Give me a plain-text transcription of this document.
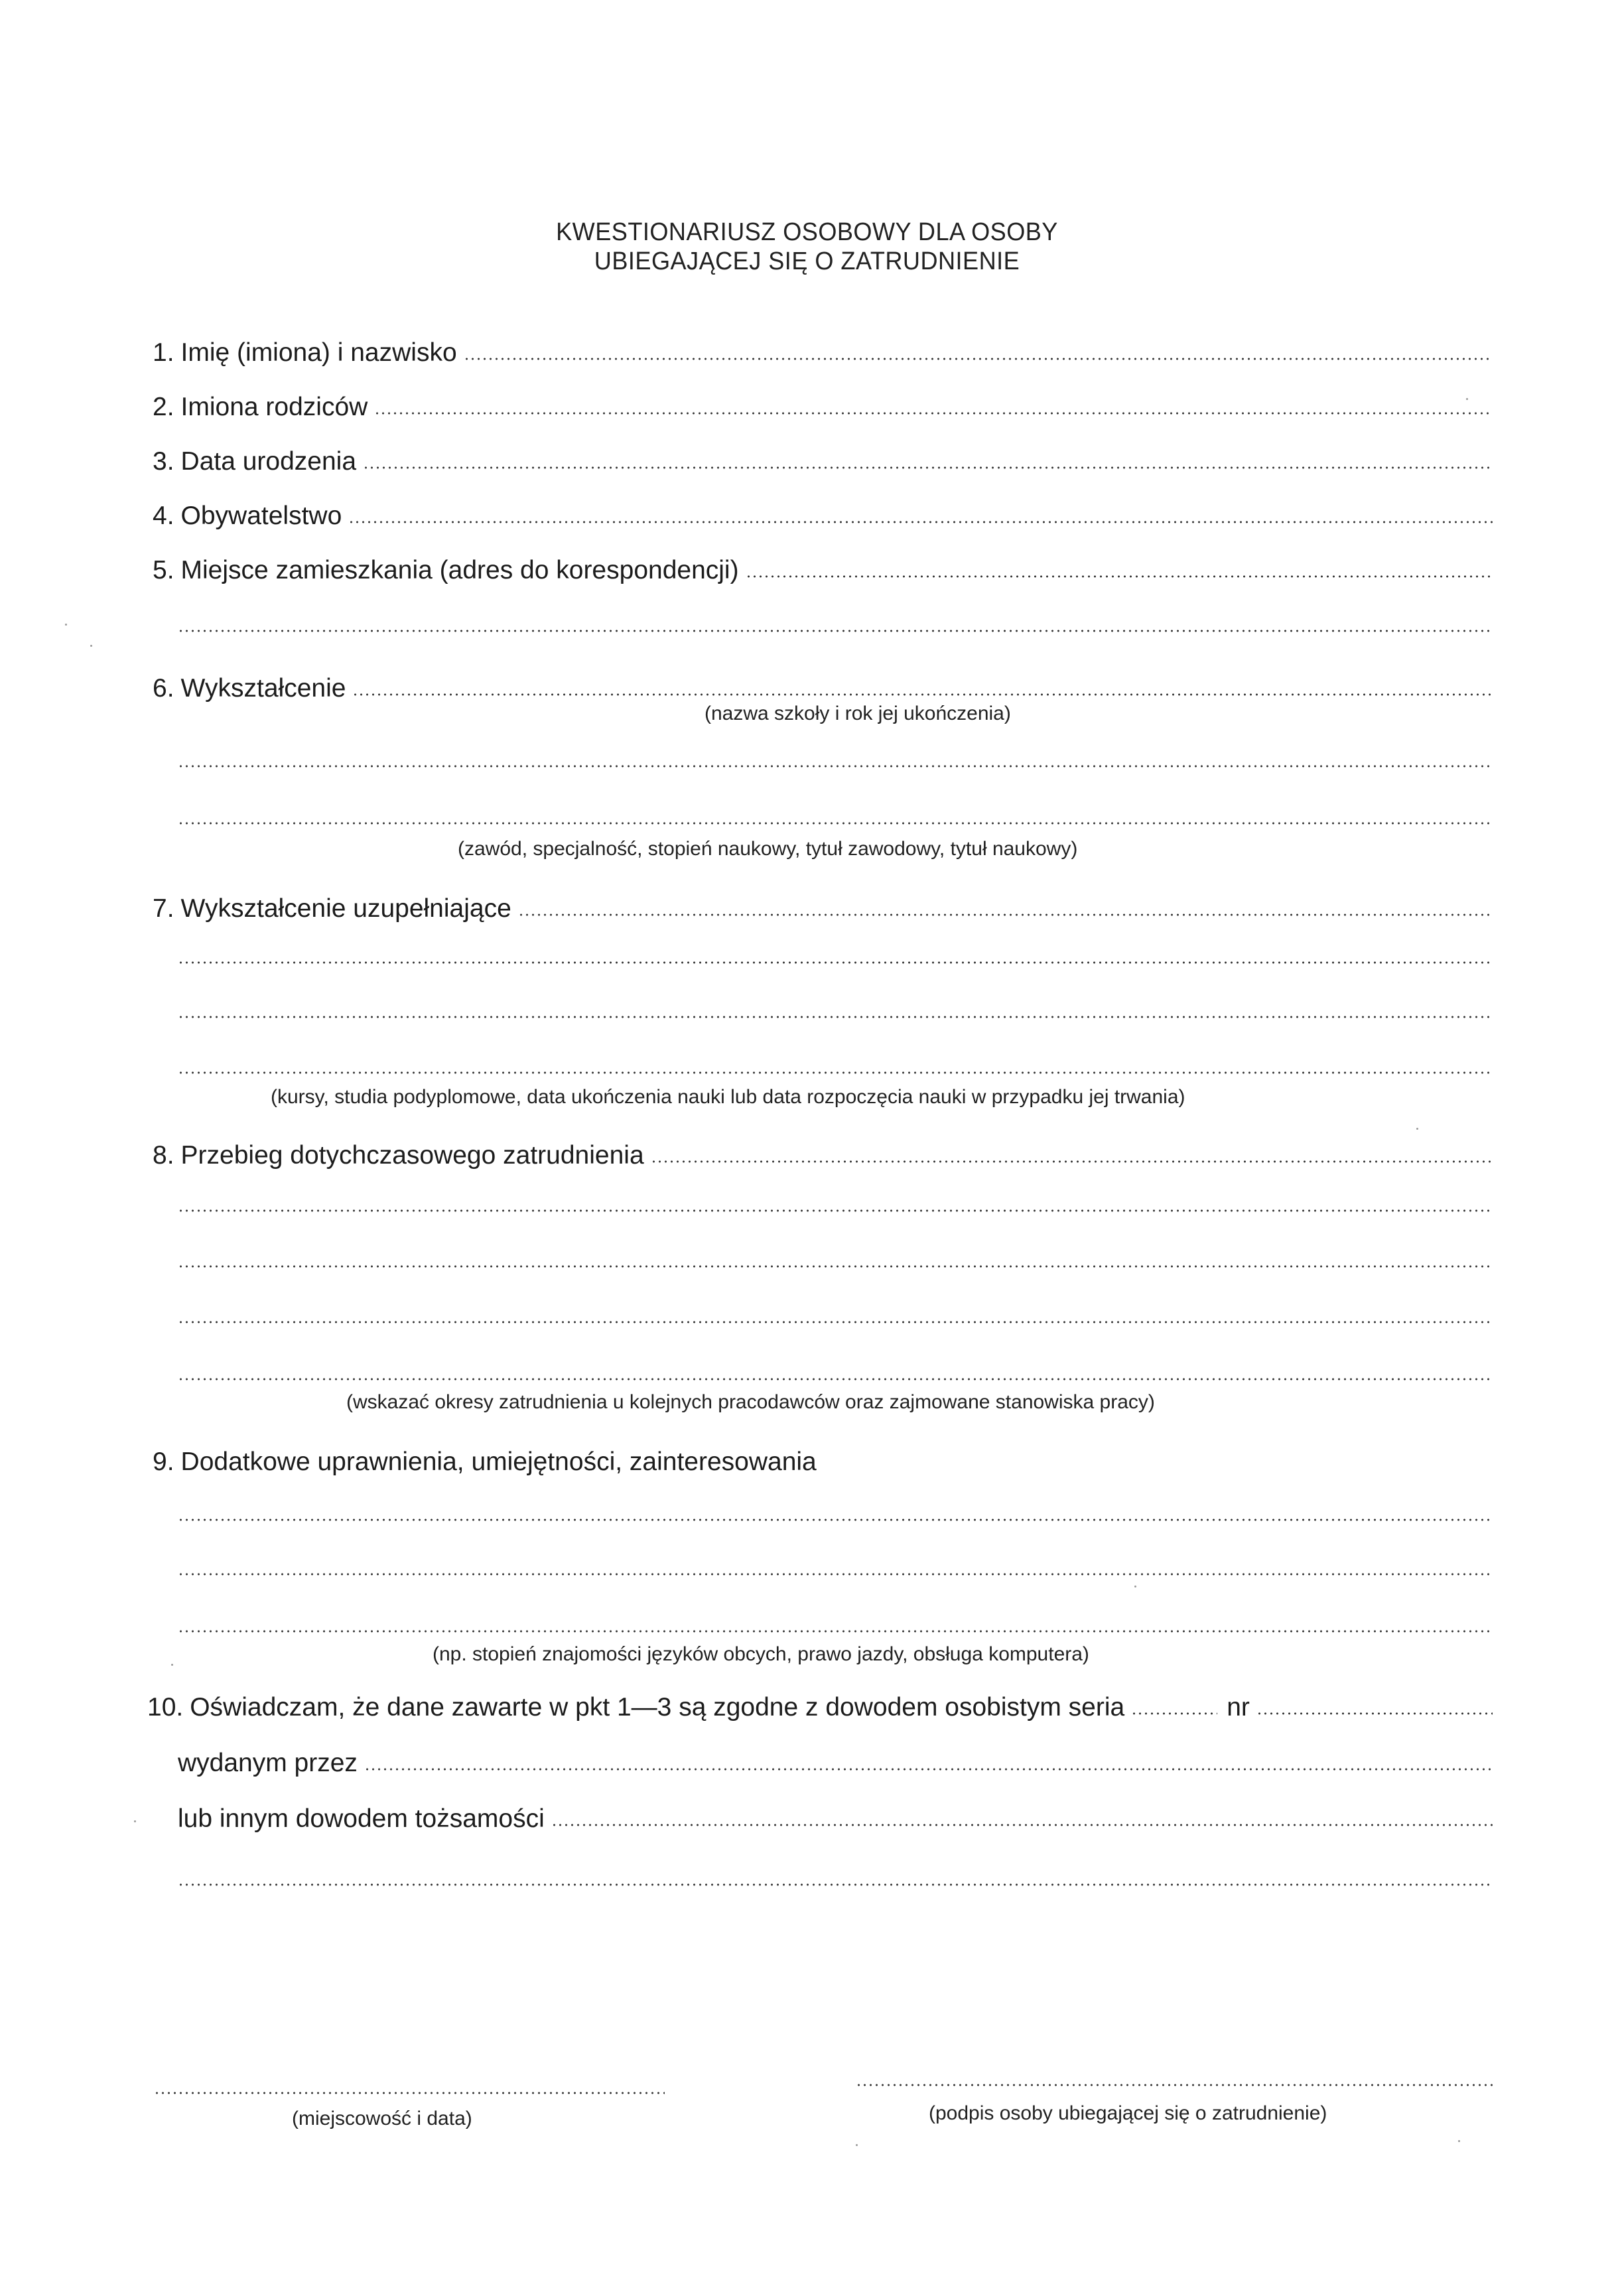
KWESTIONARIUSZ OSOBOWY DLA OSOBY
UBIEGAJĄCEJ SIĘ O ZATRUDNIENIE
1. Imię (imiona) i nazwisko
2. Imiona rodziców
3. Data urodzenia
4. Obywatelstwo
5. Miejsce zamieszkania (adres do korespondencji)
6. Wykształcenie
(nazwa szkoły i rok jej ukończenia)
(zawód, specjalność, stopień naukowy, tytuł zawodowy, tytuł naukowy)
7. Wykształcenie uzupełniające
(kursy, studia podyplomowe, data ukończenia nauki lub data rozpoczęcia nauki w przypadku jej trwania)
8. Przebieg dotychczasowego zatrudnienia
(wskazać okresy zatrudnienia u kolejnych pracodawców oraz zajmowane stanowiska pracy)
9. Dodatkowe uprawnienia, umiejętności, zainteresowania
(np. stopień znajomości języków obcych, prawo jazdy, obsługa komputera)
10. Oświadczam, że dane zawarte w pkt 1—3 są zgodne z dowodem osobistym seria	nr
wydanym przez
lub innym dowodem tożsamości
(miejscowość i data)	(podpis osoby ubiegającej się o zatrudnienie)
